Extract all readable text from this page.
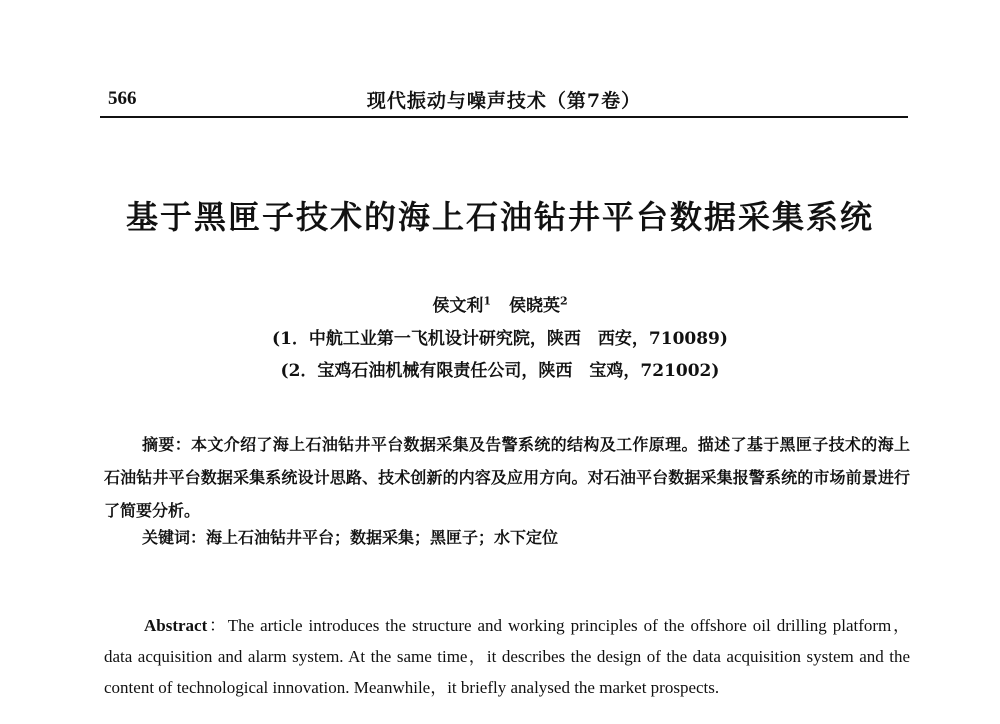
566	现代振动与噪声技术（第7卷）
基于黑匣子技术的海上石油钻井平台数据采集系统
侯文利$^1$ 侯晓英$^2$
(1．中航工业第一飞机设计研究院，陕西　西安，710089)
(2．宝鸡石油机械有限责任公司，陕西　宝鸡，721002)
摘要：本文介绍了海上石油钻井平台数据采集及告警系统的结构及工作原理。描述了基于黑匣子技术的海上石油钻井平台数据采集系统设计思路、技术创新的内容及应用方向。对石油平台数据采集报警系统的市场前景进行了简要分析。
关键词：海上石油钻井平台；数据采集；黑匣子；水下定位
Abstract：The article introduces the structure and working principles of the offshore oil drilling platform，data acquisition and alarm system. At the same time，it describes the design of the data acquisition system and the content of technological innovation. Meanwhile，it briefly analysed the market prospects.
